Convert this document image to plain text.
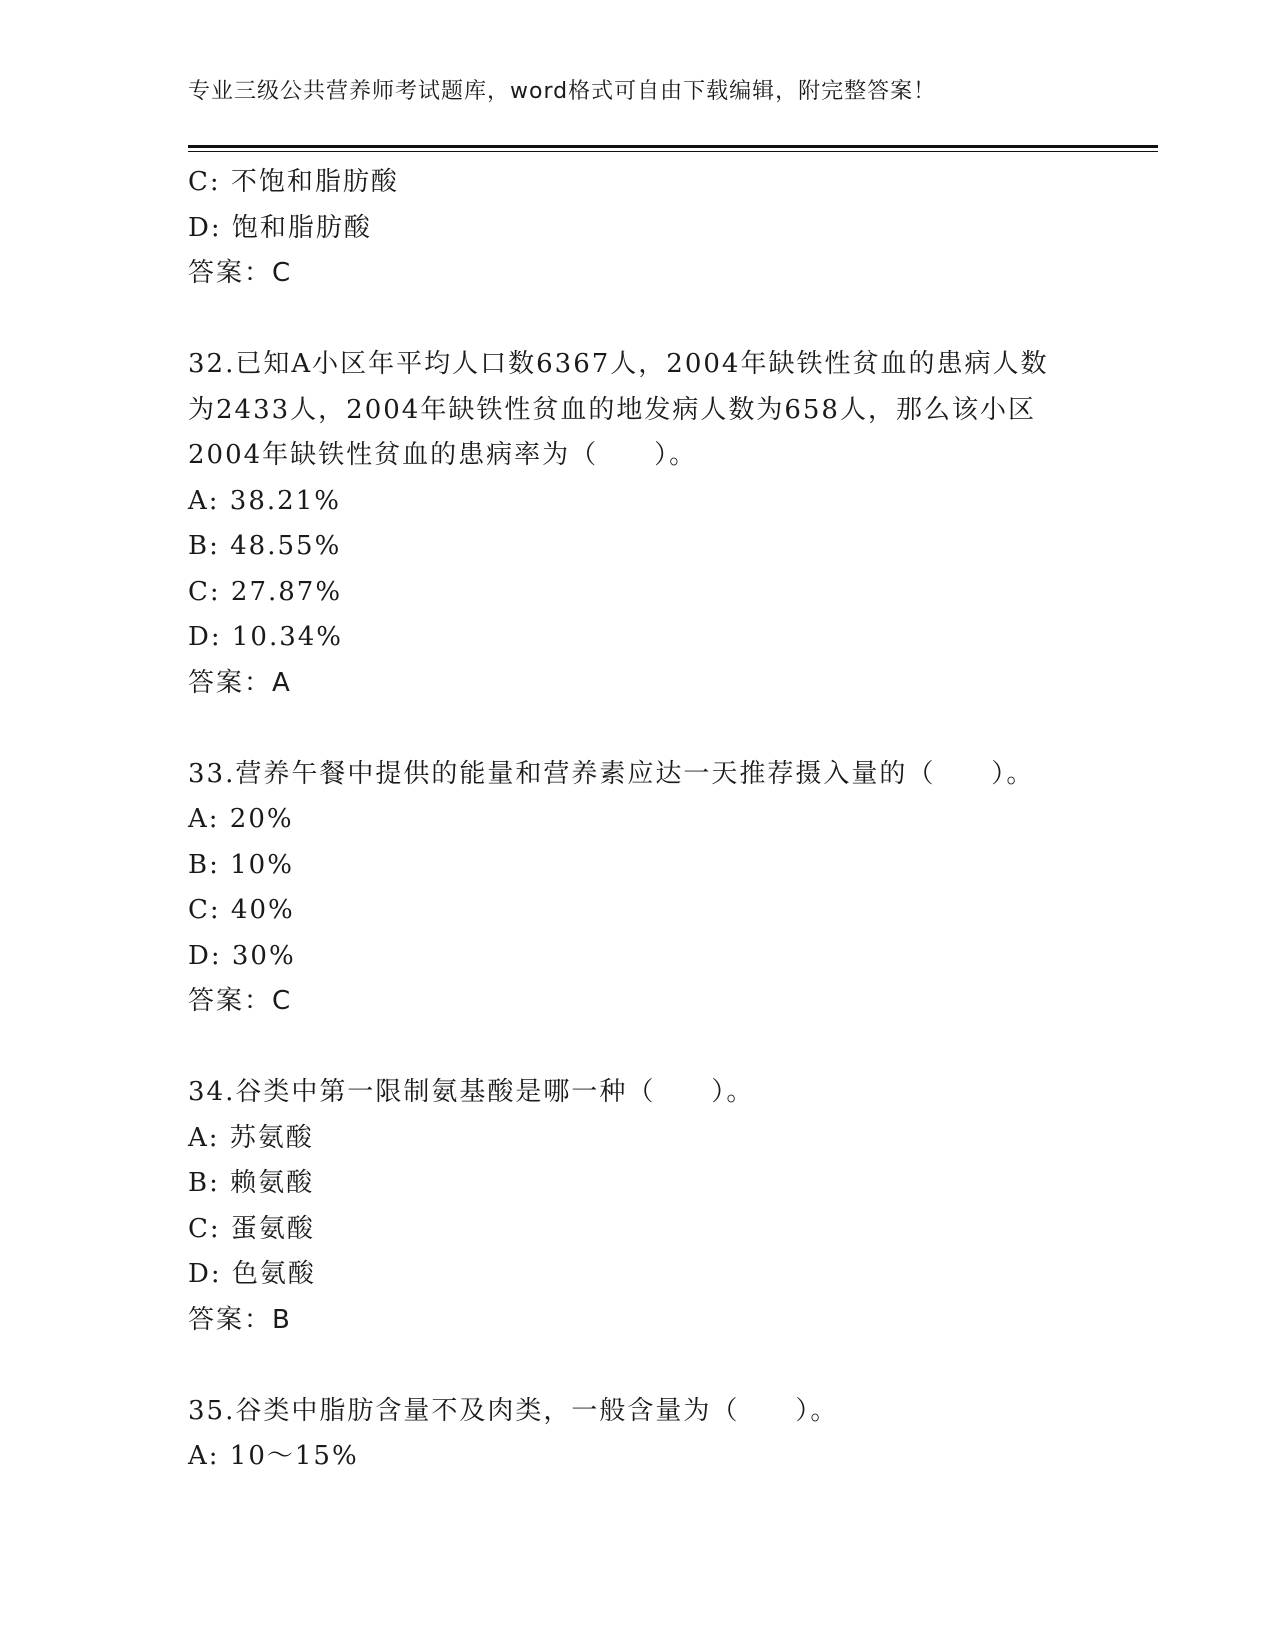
专业三级公共营养师考试题库，word格式可自由下载编辑，附完整答案！
C: 不饱和脂肪酸
D: 饱和脂肪酸
答案：C
32.已知A小区年平均人口数6367人，2004年缺铁性贫血的患病人数
为2433人，2004年缺铁性贫血的地发病人数为658人，那么该小区
2004年缺铁性贫血的患病率为（　　）。
A: 38.21%
B: 48.55%
C: 27.87%
D: 10.34%
答案：A
33.营养午餐中提供的能量和营养素应达一天推荐摄入量的（　　）。
A: 20%
B: 10%
C: 40%
D: 30%
答案：C
34.谷类中第一限制氨基酸是哪一种（　　）。
A: 苏氨酸
B: 赖氨酸
C: 蛋氨酸
D: 色氨酸
答案：B
35.谷类中脂肪含量不及肉类，一般含量为（　　）。
A: 10～15%
